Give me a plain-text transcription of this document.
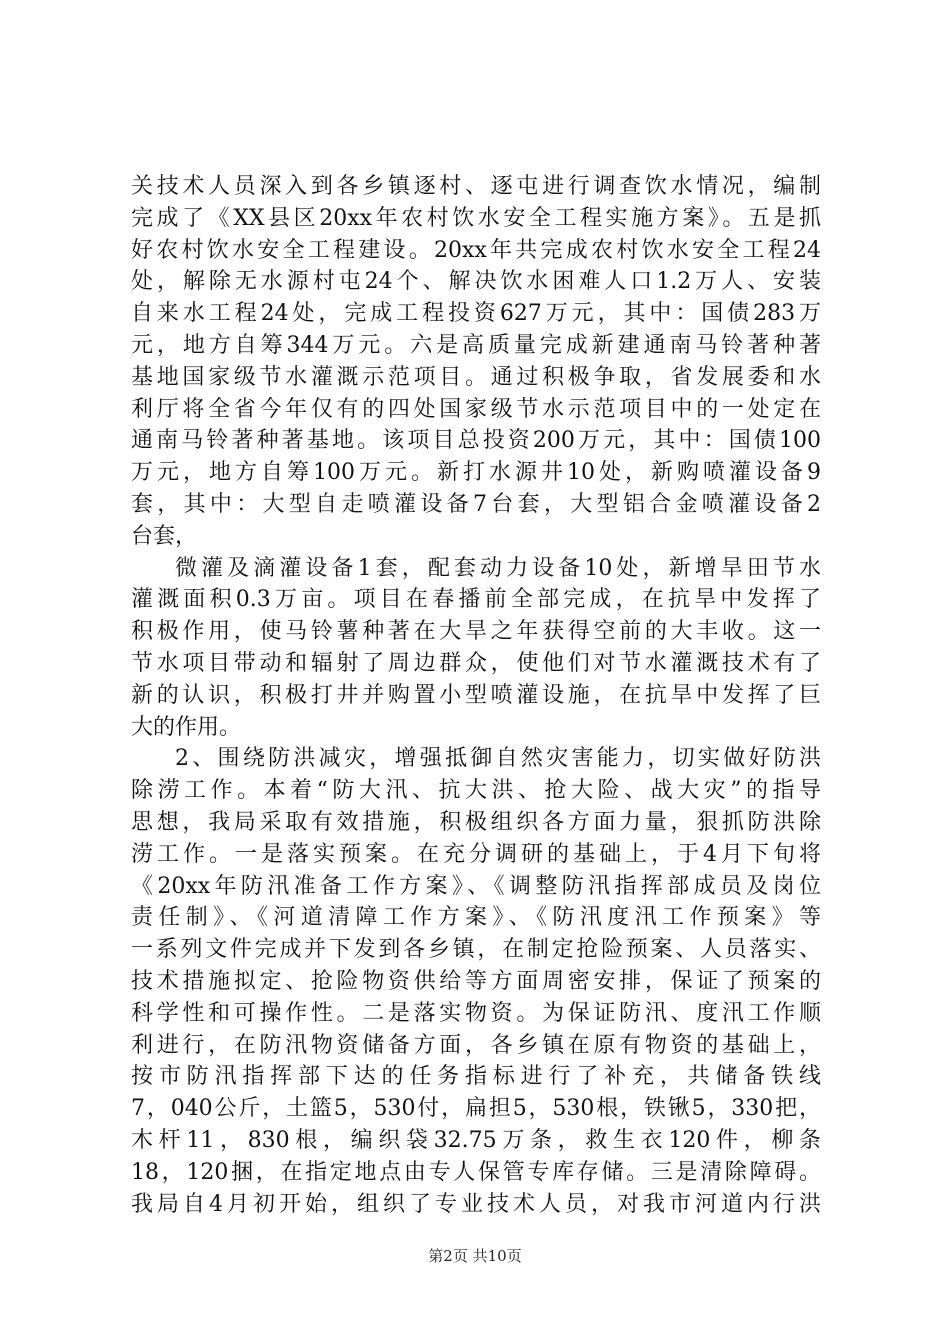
关技术人员深入到各乡镇逐村、逐屯进行调查饮水情况，编制
完成了《XX县区20xx年农村饮水安全工程实施方案》。五是抓
好农村饮水安全工程建设。20xx年共完成农村饮水安全工程24
处，解除无水源村屯24个、解决饮水困难人口1.2万人、安装
自来水工程24处，完成工程投资627万元，其中：国债283万
元，地方自筹344万元。六是高质量完成新建通南马铃著种著
基地国家级节水灌溉示范项目。通过积极争取，省发展委和水
利厅将全省今年仅有的四处国家级节水示范项目中的一处定在
通南马铃著种著基地。该项目总投资200万元，其中：国债100
万元，地方自筹100万元。新打水源井10处，新购喷灌设备9
套，其中：大型自走喷灌设备7台套，大型铝合金喷灌设备2
台套，
微灌及滴灌设备1套，配套动力设备10处，新增旱田节水
灌溉面积0.3万亩。项目在春播前全部完成，在抗旱中发挥了
积极作用，使马铃薯种著在大旱之年获得空前的大丰收。这一
节水项目带动和辐射了周边群众，使他们对节水灌溉技术有了
新的认识，积极打井并购置小型喷灌设施，在抗旱中发挥了巨
大的作用。
2、围绕防洪减灾，增强抵御自然灾害能力，切实做好防洪
除涝工作。本着“防大汛、抗大洪、抢大险、战大灾”的指导
思想，我局采取有效措施，积极组织各方面力量，狠抓防洪除
涝工作。一是落实预案。在充分调研的基础上，于4月下旬将
《20xx年防汛准备工作方案》、《调整防汛指挥部成员及岗位
责任制》、《河道清障工作方案》、《防汛度汛工作预案》等
一系列文件完成并下发到各乡镇，在制定抢险预案、人员落实、
技术措施拟定、抢险物资供给等方面周密安排，保证了预案的
科学性和可操作性。二是落实物资。为保证防汛、度汛工作顺
利进行，在防汛物资储备方面，各乡镇在原有物资的基础上，
按市防汛指挥部下达的任务指标进行了补充，共储备铁线
7，040公斤，土篮5，530付，扁担5，530根，铁锹5，330把，
木杆11，830根，编织袋32.75万条，救生衣120件，柳条
18，120捆，在指定地点由专人保管专库存储。三是清除障碍。
我局自4月初开始，组织了专业技术人员，对我市河道内行洪
第2页 共10页
